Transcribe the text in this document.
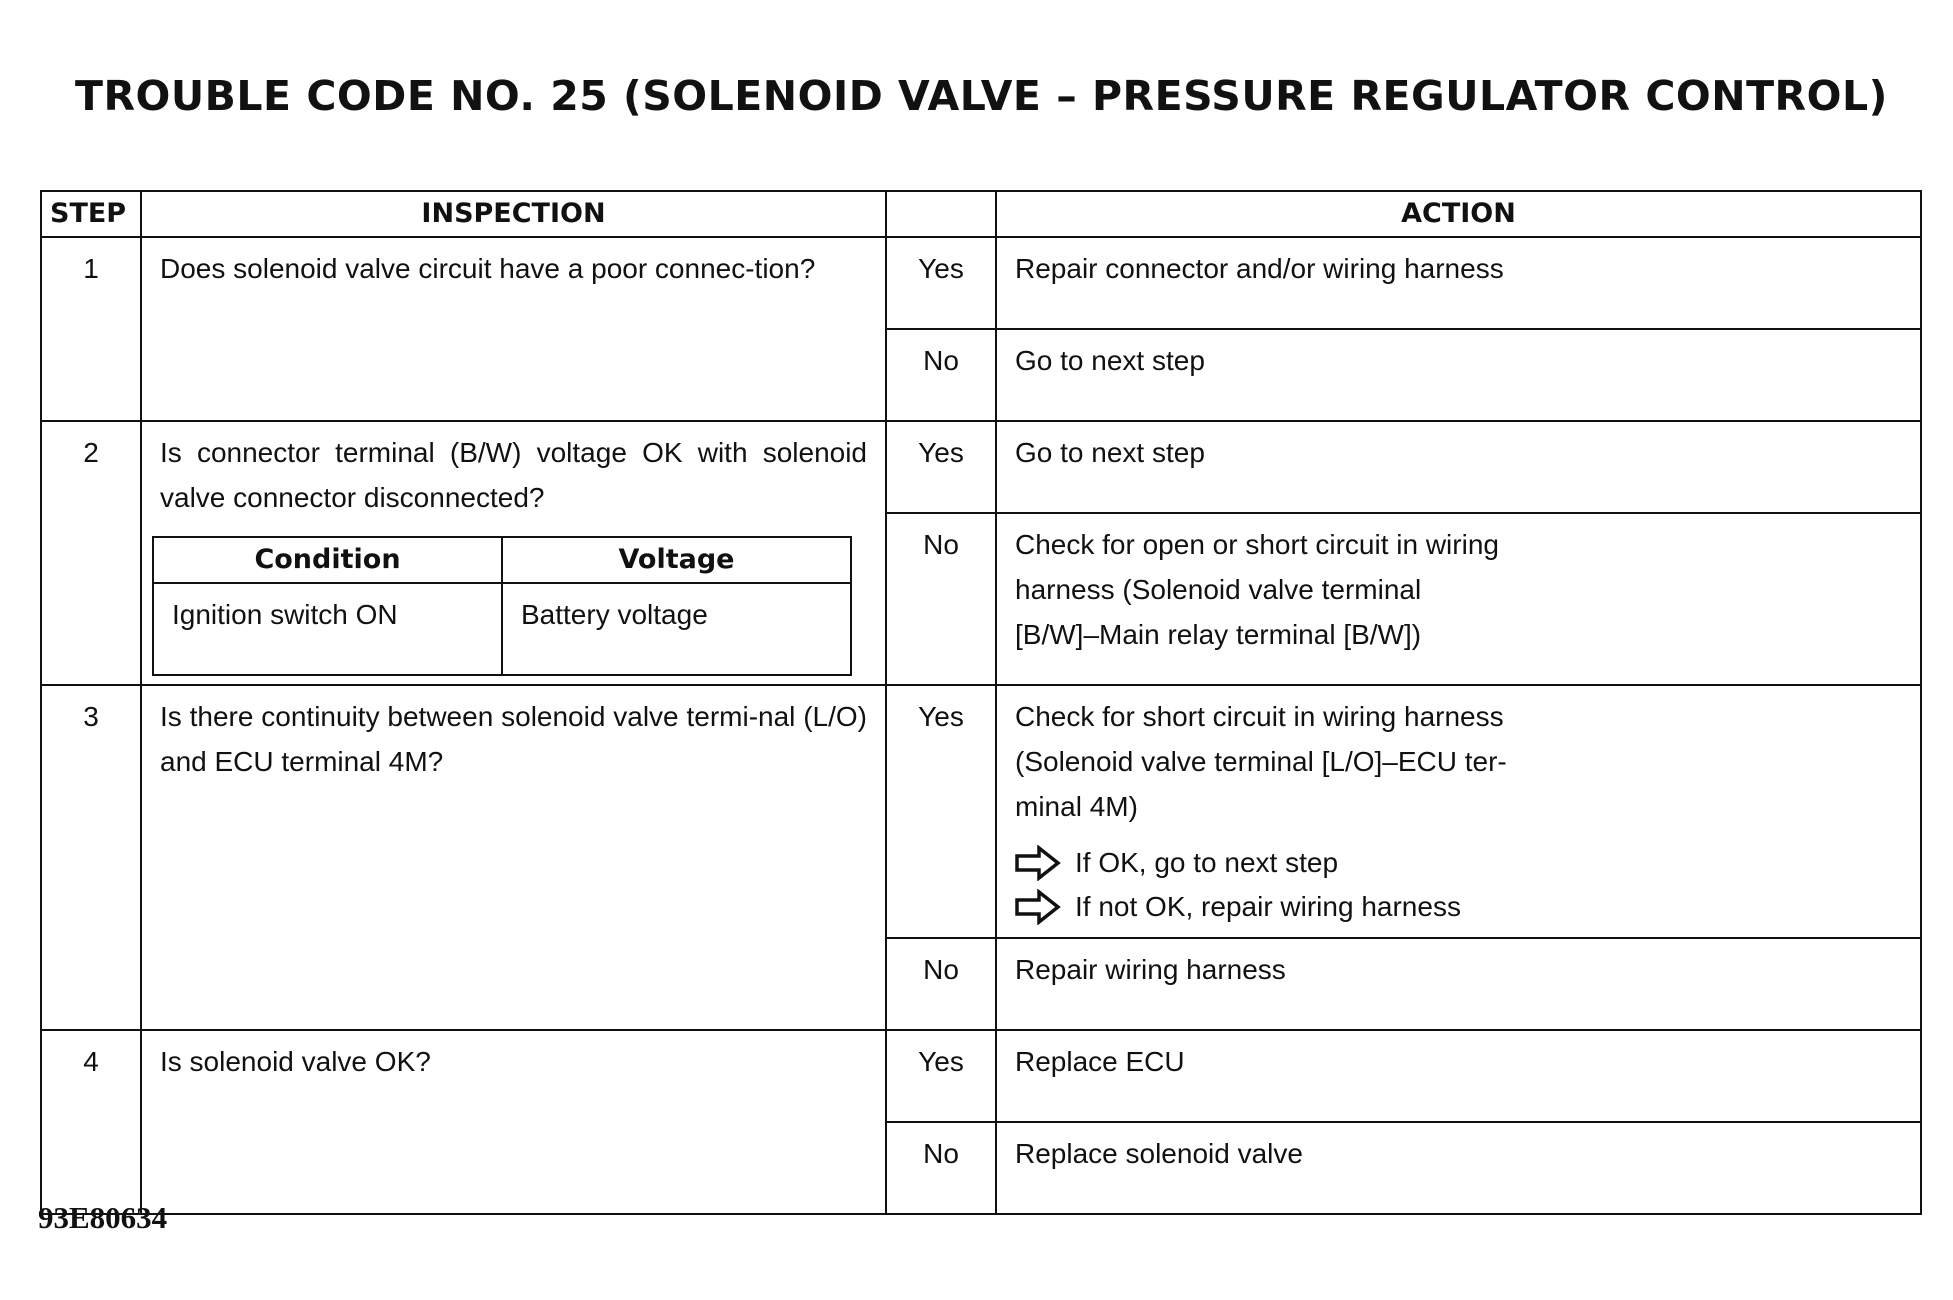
TROUBLE CODE NO. 25 (SOLENOID VALVE – PRESSURE REGULATOR CONTROL)
STEP	INSPECTION		ACTION
1	Does solenoid valve circuit have a poor connec-tion?	Yes	Repair connector and/or wiring harness
No	Go to next step
2	Is connector terminal (B/W) voltage OK with solenoid valve connector disconnected?
Condition	Voltage
Ignition switch ON	Battery voltage
	Yes	Go to next step
No	Check for open or short circuit in wiring
harness (Solenoid valve terminal
[B/W]–Main relay terminal [B/W])

3	Is there continuity between solenoid valve termi-nal (L/O) and ECU terminal 4M?	Yes	Check for short circuit in wiring harness
(Solenoid valve terminal [L/O]–ECU ter-
minal 4M)
If OK, go to next step
If not OK, repair wiring harness

No	Repair wiring harness
4	Is solenoid valve OK?	Yes	Replace ECU
No	Replace solenoid valve
93E80634
